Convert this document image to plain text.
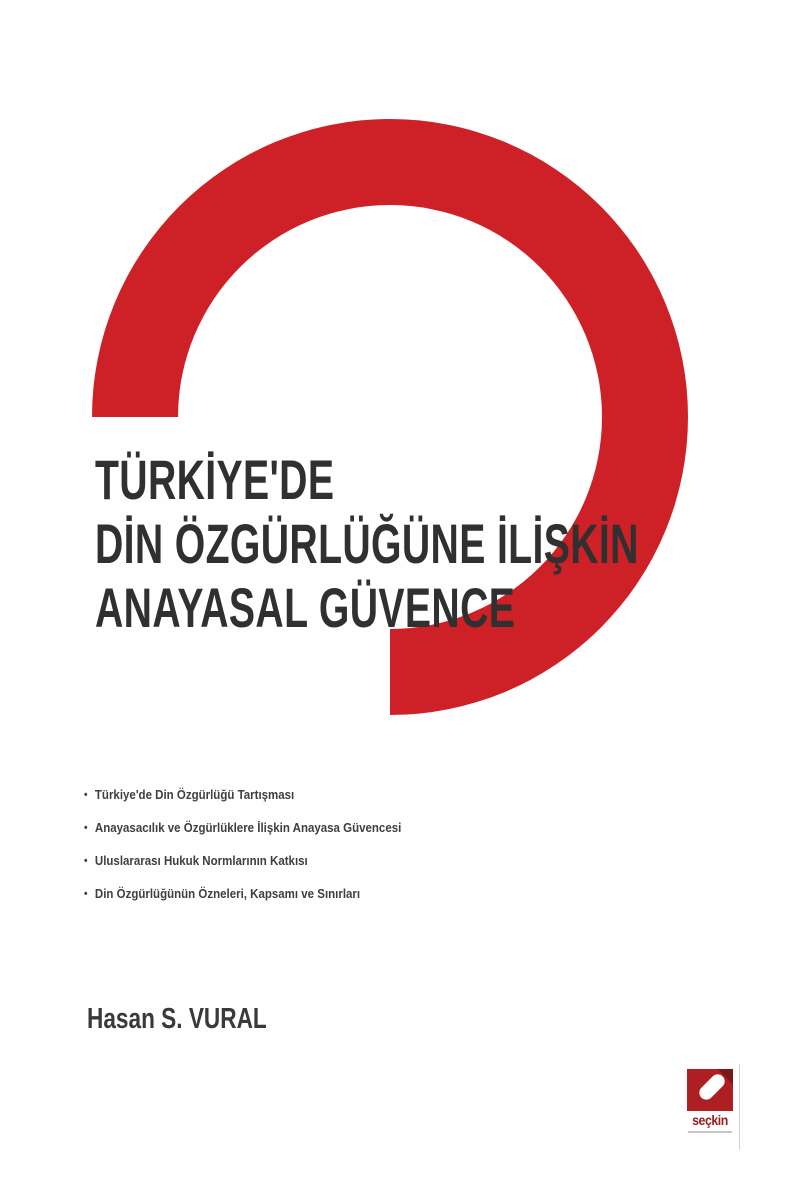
TÜRKİYE'DE
DİN ÖZGÜRLÜĞÜNE İLİŞKİN
ANAYASAL GÜVENCE
• Türkiye'de Din Özgürlüğü Tartışması
• Anayasacılık ve Özgürlüklere İlişkin Anayasa Güvencesi
• Uluslararası Hukuk Normlarının Katkısı
• Din Özgürlüğünün Özneleri, Kapsamı ve Sınırları
Hasan S. VURAL
seçkin
